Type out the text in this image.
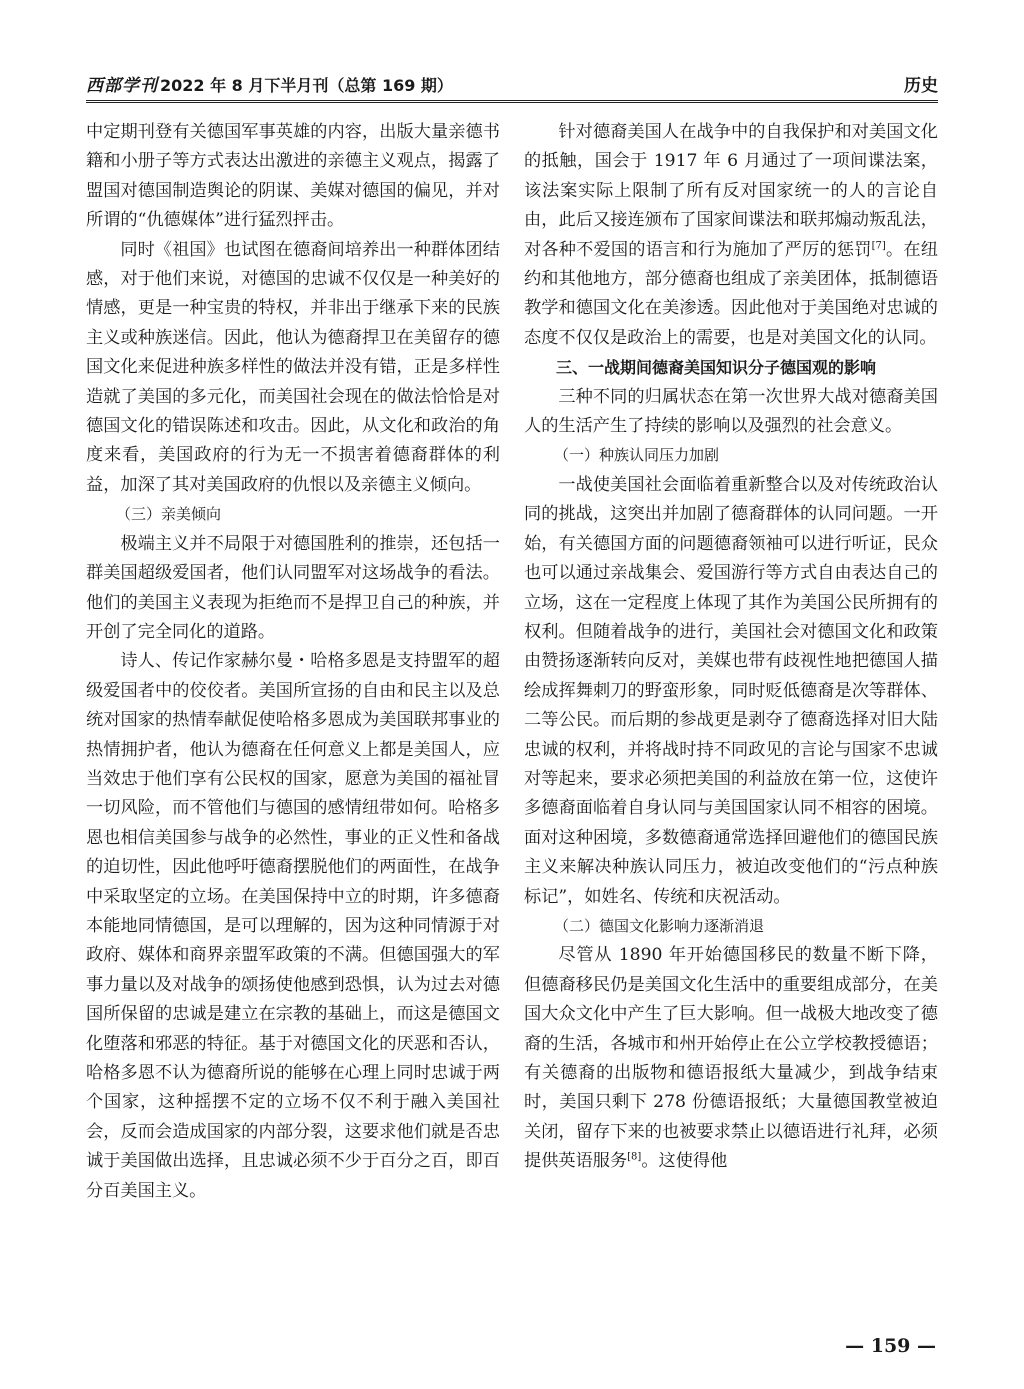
西部学刊 2022 年 8 月下半月刊（总第 169 期）	历史

中定期刊登有关德国军事英雄的内容，出版大量亲德书籍和小册子等方式表达出激进的亲德主义观点，揭露了盟国对德国制造舆论的阴谋、美媒对德国的偏见，并对所谓的“仇德媒体”进行猛烈抨击。

同时《祖国》也试图在德裔间培养出一种群体团结感，对于他们来说，对德国的忠诚不仅仅是一种美好的情感，更是一种宝贵的特权，并非出于继承下来的民族主义或种族迷信。因此，他认为德裔捍卫在美留存的德国文化来促进种族多样性的做法并没有错，正是多样性造就了美国的多元化，而美国社会现在的做法恰恰是对德国文化的错误陈述和攻击。因此，从文化和政治的角度来看，美国政府的行为无一不损害着德裔群体的利益，加深了其对美国政府的仇恨以及亲德主义倾向。

（三）亲美倾向

极端主义并不局限于对德国胜利的推崇，还包括一群美国超级爱国者，他们认同盟军对这场战争的看法。他们的美国主义表现为拒绝而不是捍卫自己的种族，并开创了完全同化的道路。

诗人、传记作家赫尔曼・哈格多恩是支持盟军的超级爱国者中的佼佼者。美国所宣扬的自由和民主以及总统对国家的热情奉献促使哈格多恩成为美国联邦事业的热情拥护者，他认为德裔在任何意义上都是美国人，应当效忠于他们享有公民权的国家，愿意为美国的福祉冒一切风险，而不管他们与德国的感情纽带如何。哈格多恩也相信美国参与战争的必然性，事业的正义性和备战的迫切性，因此他呼吁德裔摆脱他们的两面性，在战争中采取坚定的立场。在美国保持中立的时期，许多德裔本能地同情德国，是可以理解的，因为这种同情源于对政府、媒体和商界亲盟军政策的不满。但德国强大的军事力量以及对战争的颂扬使他感到恐惧，认为过去对德国所保留的忠诚是建立在宗教的基础上，而这是德国文化堕落和邪恶的特征。基于对德国文化的厌恶和否认，哈格多恩不认为德裔所说的能够在心理上同时忠诚于两个国家，这种摇摆不定的立场不仅不利于融入美国社会，反而会造成国家的内部分裂，这要求他们就是否忠诚于美国做出选择，且忠诚必须不少于百分之百，即百分百美国主义。

针对德裔美国人在战争中的自我保护和对美国文化的抵触，国会于 1917 年 6 月通过了一项间谍法案，该法案实际上限制了所有反对国家统一的人的言论自由，此后又接连颁布了国家间谍法和联邦煽动叛乱法，对各种不爱国的语言和行为施加了严厉的惩罚[7]。在纽约和其他地方，部分德裔也组成了亲美团体，抵制德语教学和德国文化在美渗透。因此他对于美国绝对忠诚的态度不仅仅是政治上的需要，也是对美国文化的认同。

三、一战期间德裔美国知识分子德国观的影响

三种不同的归属状态在第一次世界大战对德裔美国人的生活产生了持续的影响以及强烈的社会意义。

（一）种族认同压力加剧

一战使美国社会面临着重新整合以及对传统政治认同的挑战，这突出并加剧了德裔群体的认同问题。一开始，有关德国方面的问题德裔领袖可以进行听证，民众也可以通过亲战集会、爱国游行等方式自由表达自己的立场，这在一定程度上体现了其作为美国公民所拥有的权利。但随着战争的进行，美国社会对德国文化和政策由赞扬逐渐转向反对，美媒也带有歧视性地把德国人描绘成挥舞刺刀的野蛮形象，同时贬低德裔是次等群体、二等公民。而后期的参战更是剥夺了德裔选择对旧大陆忠诚的权利，并将战时持不同政见的言论与国家不忠诚对等起来，要求必须把美国的利益放在第一位，这使许多德裔面临着自身认同与美国国家认同不相容的困境。面对这种困境，多数德裔通常选择回避他们的德国民族主义来解决种族认同压力，被迫改变他们的“污点种族标记”，如姓名、传统和庆祝活动。

（二）德国文化影响力逐渐消退

尽管从 1890 年开始德国移民的数量不断下降，但德裔移民仍是美国文化生活中的重要组成部分，在美国大众文化中产生了巨大影响。但一战极大地改变了德裔的生活，各城市和州开始停止在公立学校教授德语；有关德裔的出版物和德语报纸大量减少，到战争结束时，美国只剩下 278 份德语报纸；大量德国教堂被迫关闭，留存下来的也被要求禁止以德语进行礼拜，必须提供英语服务[8]。这使得他

— 159 —
